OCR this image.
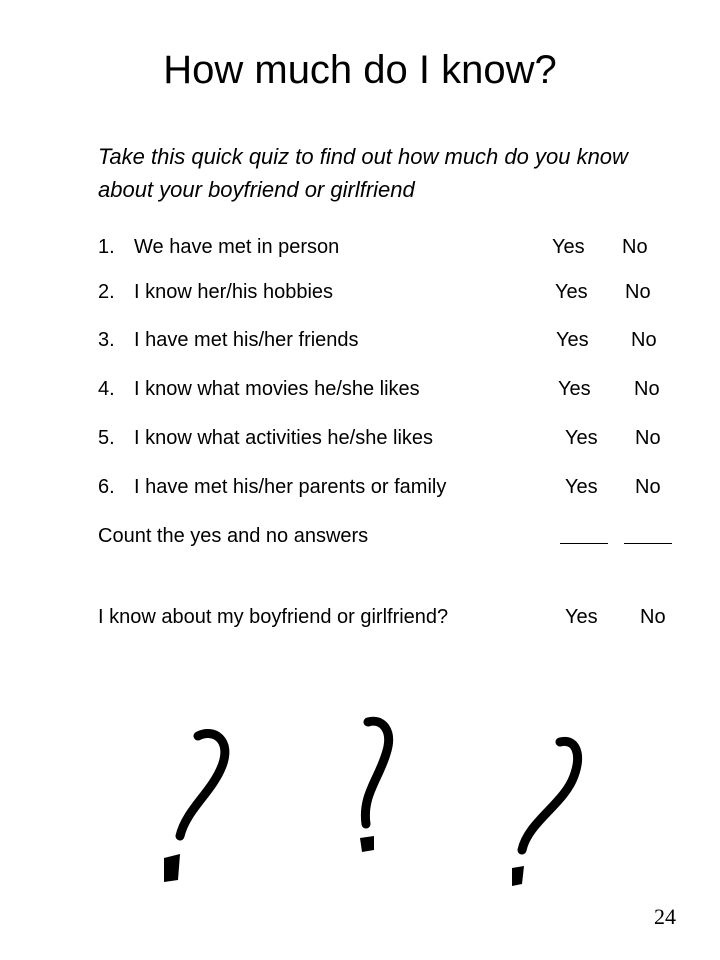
How much do I know?
Take this quick quiz to find out how much do you know about your boyfriend or girlfriend
1. We have met in person	Yes No
2. I know her/his hobbies	Yes No
3. I have met his/her friends	Yes No
4. I know what movies he/she likes	Yes No
5. I know what activities he/she likes	Yes No
6. I have met his/her parents or family	Yes No
Count the yes and no answers
I know about my boyfriend or girlfriend?	Yes No
24
